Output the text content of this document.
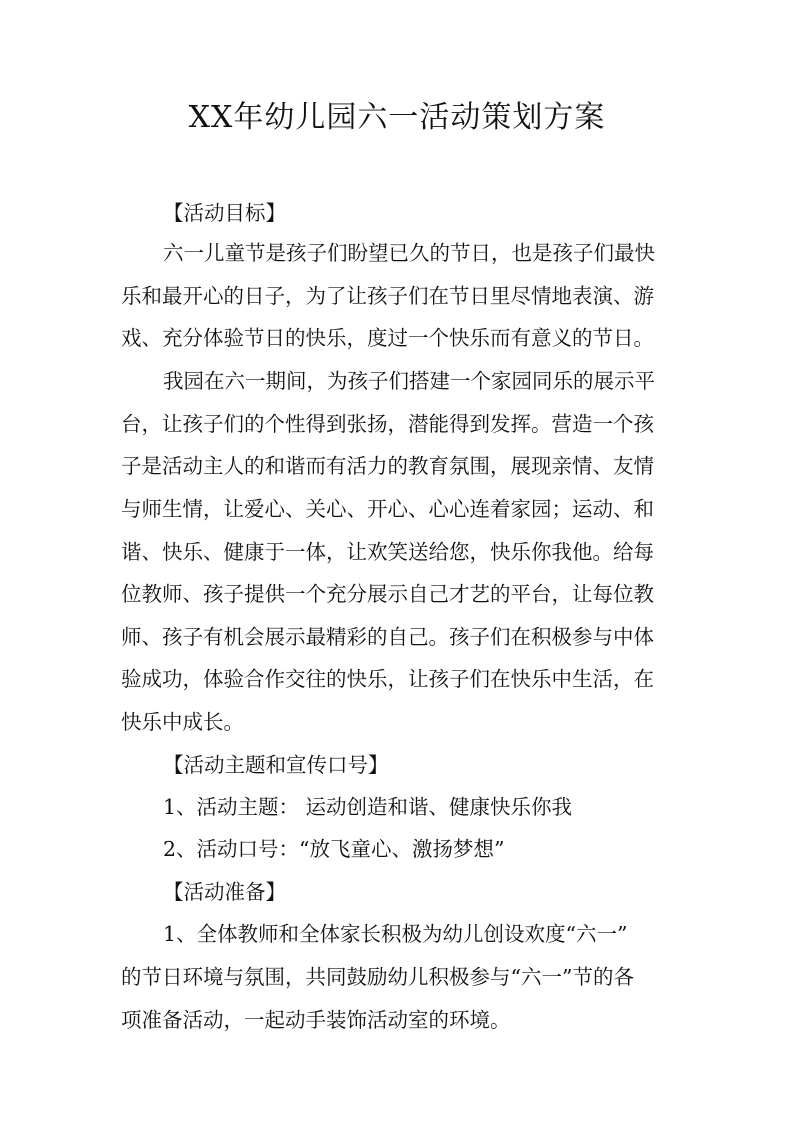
XX年幼儿园六一活动策划方案
【活动目标】
六一儿童节是孩子们盼望已久的节日，也是孩子们最快
乐和最开心的日子，为了让孩子们在节日里尽情地表演、游
戏、充分体验节日的快乐，度过一个快乐而有意义的节日。
我园在六一期间，为孩子们搭建一个家园同乐的展示平
台，让孩子们的个性得到张扬，潜能得到发挥。营造一个孩
子是活动主人的和谐而有活力的教育氛围，展现亲情、友情
与师生情，让爱心、关心、开心、心心连着家园；运动、和
谐、快乐、健康于一体，让欢笑送给您，快乐你我他。给每
位教师、孩子提供一个充分展示自己才艺的平台，让每位教
师、孩子有机会展示最精彩的自己。孩子们在积极参与中体
验成功，体验合作交往的快乐，让孩子们在快乐中生活，在
快乐中成长。
【活动主题和宣传口号】
1、活动主题： 运动创造和谐、健康快乐你我
2、活动口号：“放飞童心、激扬梦想”
【活动准备】
1、全体教师和全体家长积极为幼儿创设欢度“六一”
的节日环境与氛围，共同鼓励幼儿积极参与“六一”节的各
项准备活动，一起动手装饰活动室的环境。
